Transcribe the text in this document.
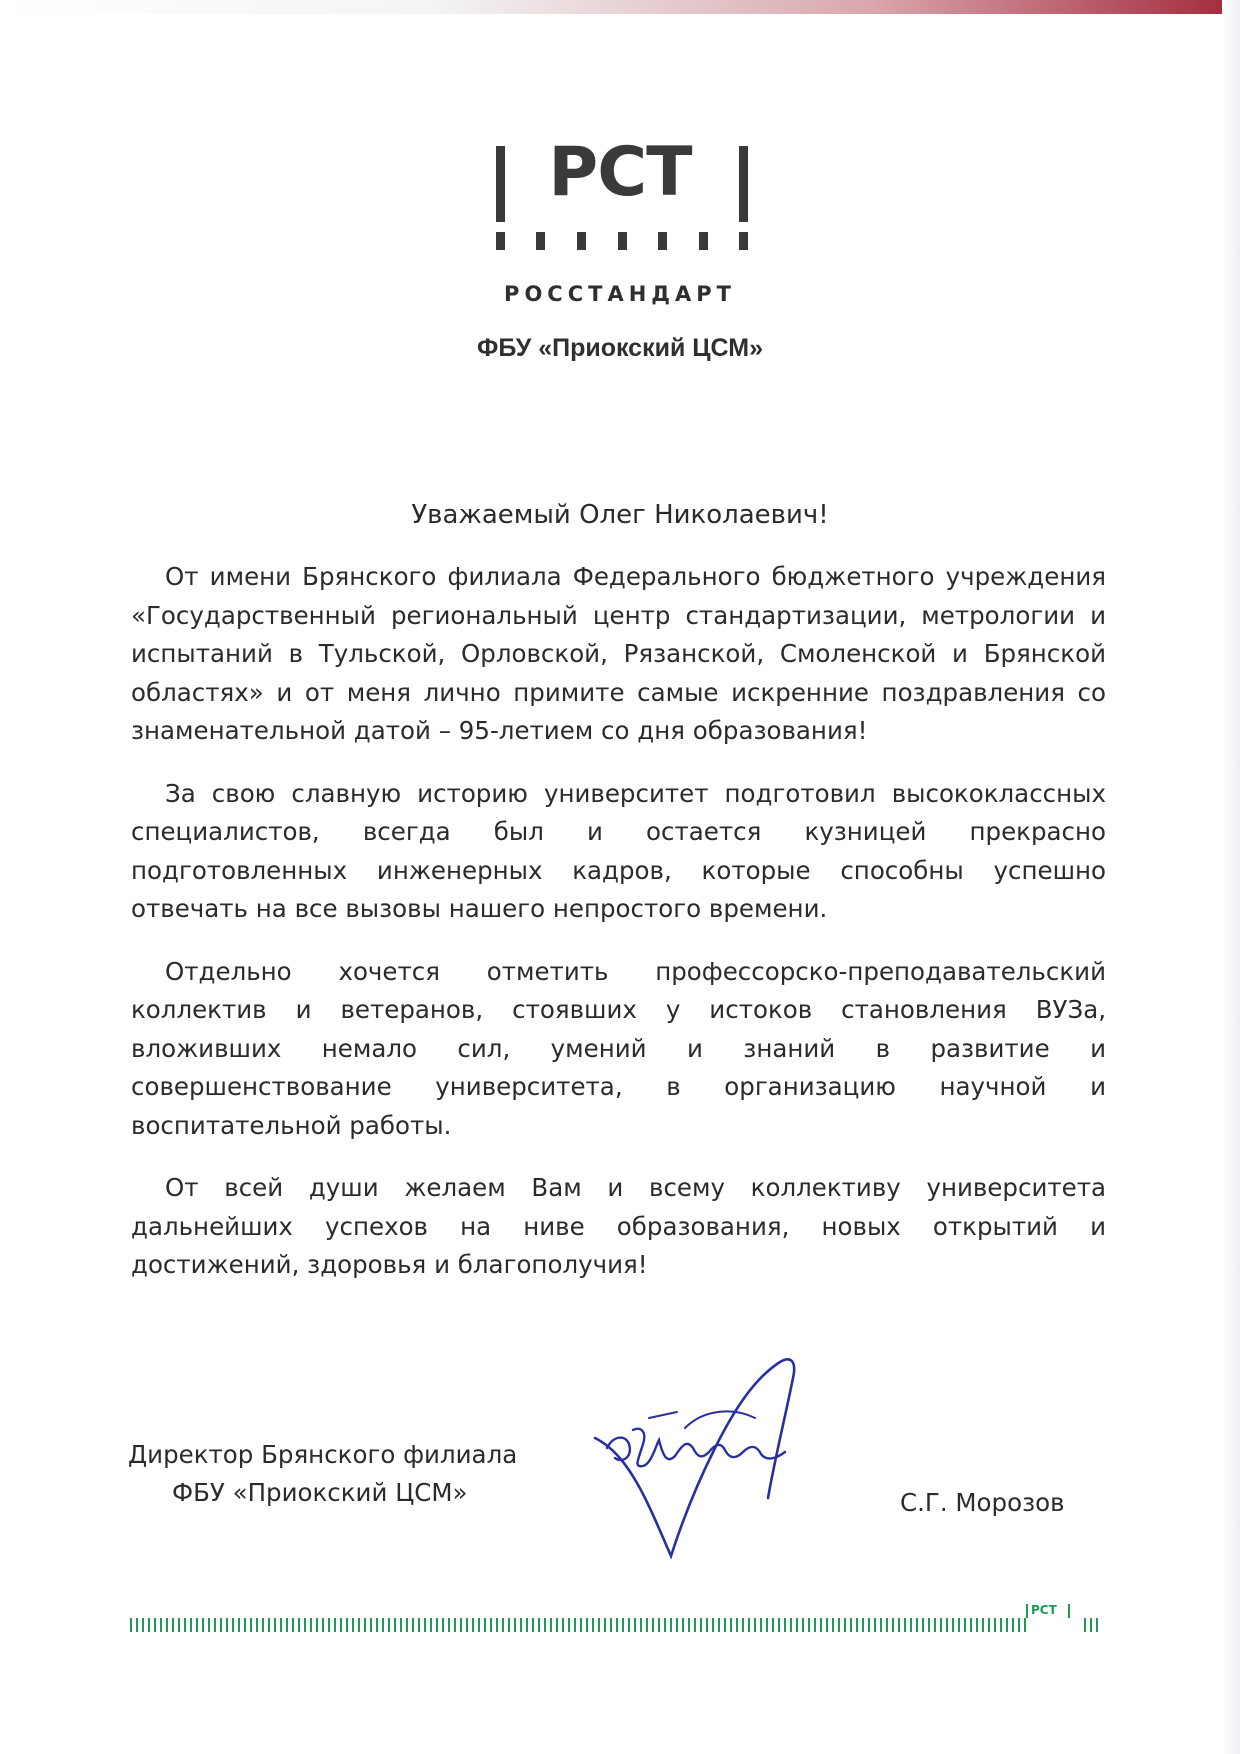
PCT
РОССТАНДАРТ
ФБУ «Приокский ЦСМ»
Уважаемый Олег Николаевич!

От имени Брянского филиала Федерального бюджетного учреждения «Государственный региональный центр стандартизации, метрологии и испытаний в Тульской, Орловской, Рязанской, Смоленской и Брянской областях» и от меня лично примите самые искренние поздравления со знаменательной датой – 95-летием со дня образования!

За свою славную историю университет подготовил высококлассных специалистов, всегда был и остается кузницей прекрасно подготовленных инженерных кадров, которые способны успешно отвечать на все вызовы нашего непростого времени.

Отдельно хочется отметить профессорско-преподавательский коллектив и ветеранов, стоявших у истоков становления ВУЗа, вложивших немало сил, умений и знаний в развитие и совершенствование университета, в организацию научной и воспитательной работы.

От всей души желаем Вам и всему коллективу университета дальнейших успехов на ниве образования, новых открытий и достижений, здоровья и благополучия!

Директор Брянского филиала
ФБУ «Приокский ЦСМ»	С.Г. Морозов
PCT
